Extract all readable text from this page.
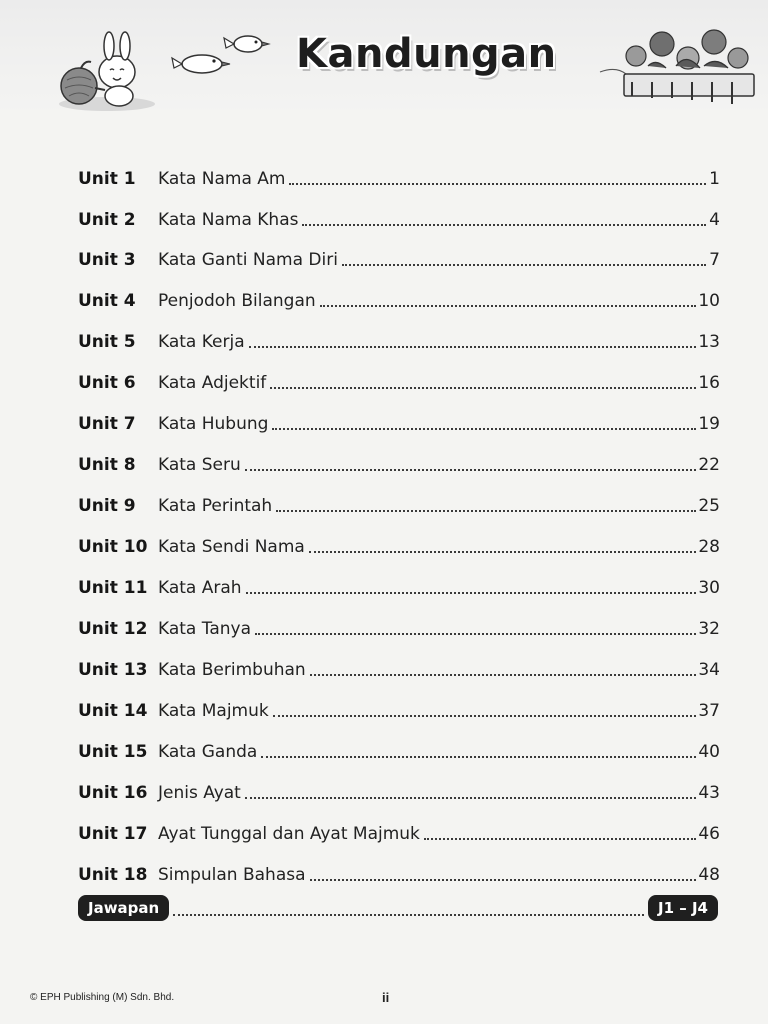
Kandungan
Unit 1	Kata Nama Am	1
Unit 2	Kata Nama Khas	4
Unit 3	Kata Ganti Nama Diri	7
Unit 4	Penjodoh Bilangan	10
Unit 5	Kata Kerja	13
Unit 6	Kata Adjektif	16
Unit 7	Kata Hubung	19
Unit 8	Kata Seru	22
Unit 9	Kata Perintah	25
Unit 10 Kata Sendi Nama	28
Unit 11 Kata Arah	30
Unit 12 Kata Tanya	32
Unit 13 Kata Berimbuhan	34
Unit 14 Kata Majmuk	37
Unit 15 Kata Ganda	40
Unit 16 Jenis Ayat	43
Unit 17 Ayat Tunggal dan Ayat Majmuk	46
Unit 18 Simpulan Bahasa	48
Jawapan	J1 – J4
© EPH Publishing (M) Sdn. Bhd.	ii
